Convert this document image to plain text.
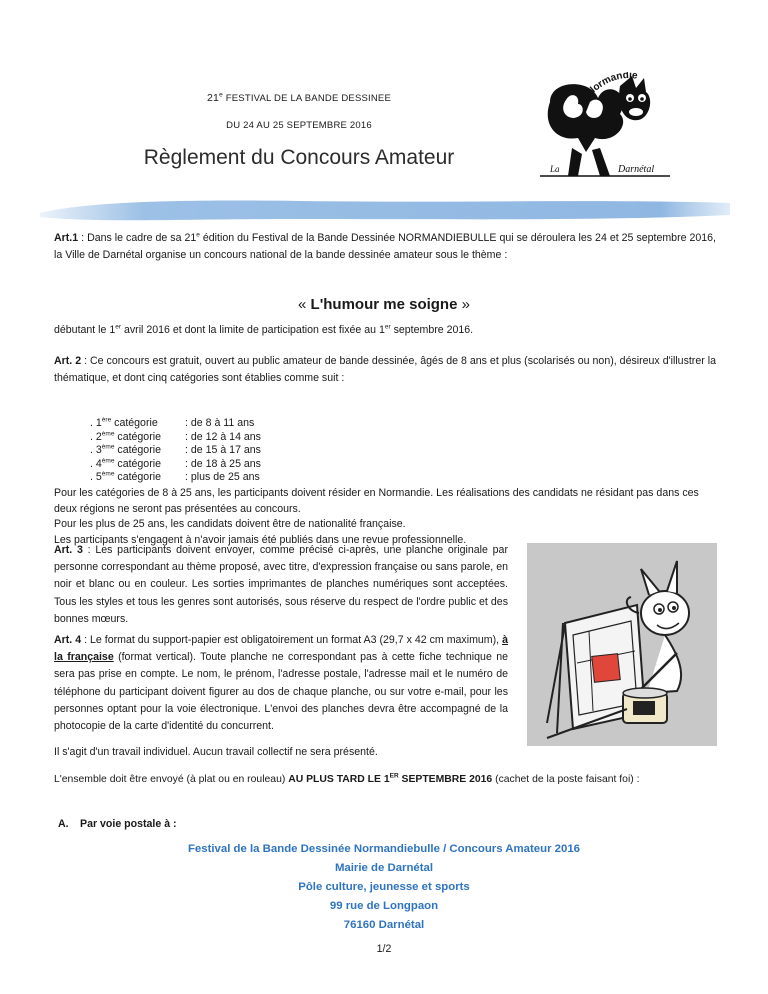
21e FESTIVAL DE LA BANDE DESSINEE
DU 24 AU 25 SEPTEMBRE 2016
Règlement du Concours Amateur
Normandie
La	Darnétal
Art.1 : Dans le cadre de sa 21e édition du Festival de la Bande Dessinée NORMANDIEBULLE qui se déroulera les 24 et 25 septembre 2016, la Ville de Darnétal organise un concours national de la bande dessinée amateur sous le thème :
« L'humour me soigne »
débutant le 1er avril 2016 et dont la limite de participation est fixée au 1er septembre 2016.
Art. 2 : Ce concours est gratuit, ouvert au public amateur de bande dessinée, âgés de 8 ans et plus (scolarisés ou non), désireux d'illustrer la thématique, et dont cinq catégories sont établies comme suit :
. 1ère catégorie	: de 8 à 11 ans
. 2ème catégorie	: de 12 à 14 ans
. 3ème catégorie	: de 15 à 17 ans
. 4ème catégorie	: de 18 à 25 ans
. 5ème catégorie	: plus de 25 ans
Pour les catégories de 8 à 25 ans, les participants doivent résider en Normandie. Les réalisations des candidats ne résidant pas dans ces deux régions ne seront pas présentées au concours.
Pour les plus de 25 ans, les candidats doivent être de nationalité française.
Les participants s'engagent à n'avoir jamais été publiés dans une revue professionnelle.
Art. 3 : Les participants doivent envoyer, comme précisé ci-après, une planche originale par personne correspondant au thème proposé, avec titre, d'expression française ou sans parole, en noir et blanc ou en couleur. Les sorties imprimantes de planches numériques sont acceptées. Tous les styles et tous les genres sont autorisés, sous réserve du respect de l'ordre public et des bonnes mœurs.
Art. 4 : Le format du support-papier est obligatoirement un format A3 (29,7 x 42 cm maximum), à la française (format vertical). Toute planche ne correspondant pas à cette fiche technique ne sera pas prise en compte. Le nom, le prénom, l'adresse postale, l'adresse mail et le numéro de téléphone du participant doivent figurer au dos de chaque planche, ou sur votre e-mail, pour les personnes optant pour la voie électronique. L'envoi des planches devra être accompagné de la photocopie de la carte d'identité du concurrent.
Il s'agit d'un travail individuel. Aucun travail collectif ne sera présenté.
L'ensemble doit être envoyé (à plat ou en rouleau) AU PLUS TARD LE 1ER SEPTEMBRE 2016 (cachet de la poste faisant foi) :
A. Par voie postale à :
Festival de la Bande Dessinée Normandiebulle / Concours Amateur 2016
Mairie de Darnétal
Pôle culture, jeunesse et sports
99 rue de Longpaon
76160 Darnétal
1/2
